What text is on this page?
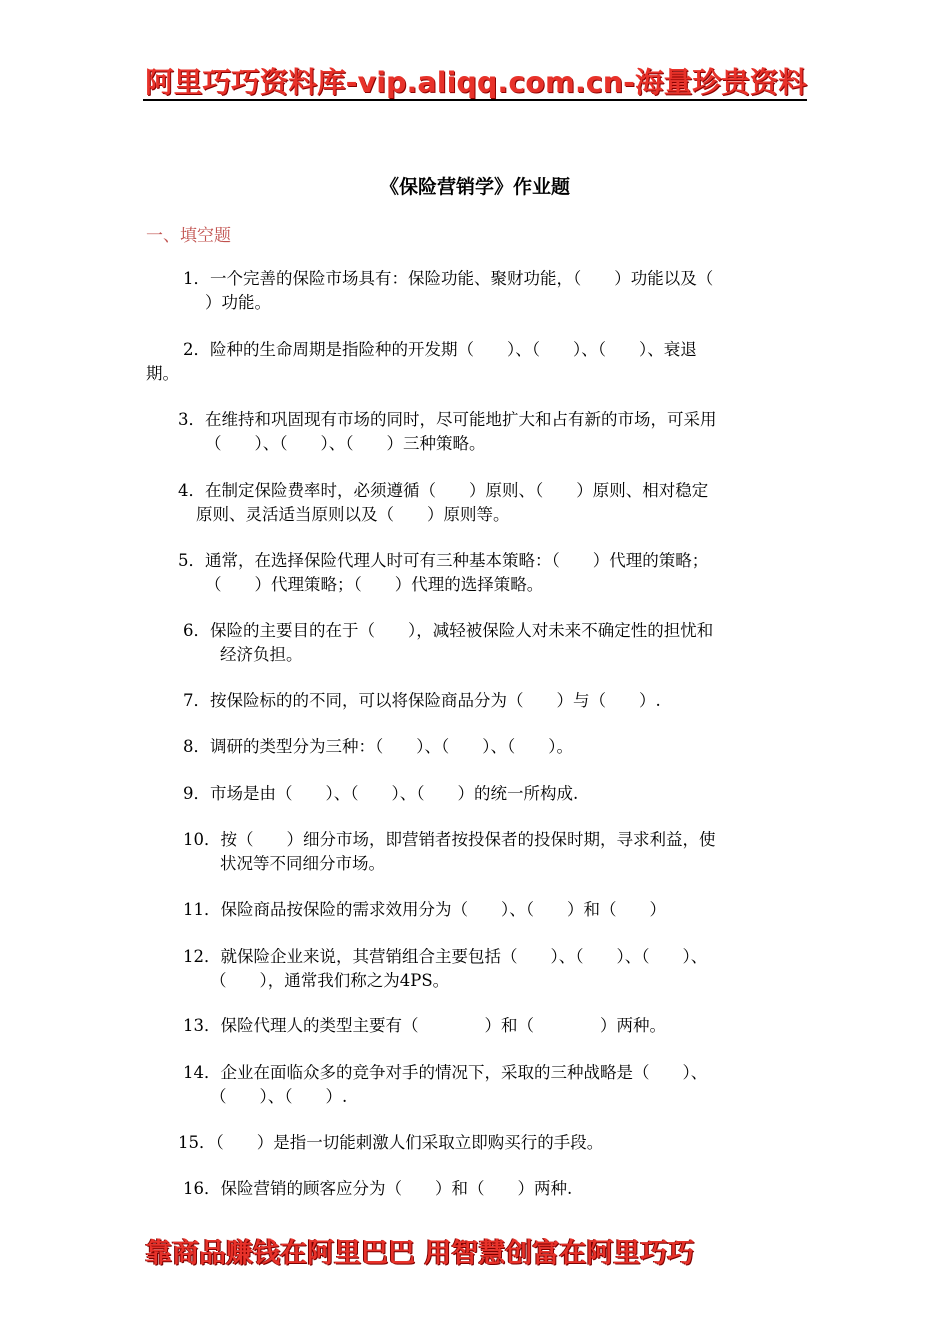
阿里巧巧资料库-vip.aliqq.com.cn-海量珍贵资料
《保险营销学》作业题
一、填空题
1．一个完善的保险市场具有：保险功能、聚财功能，（　　）功能以及（
）功能。
2．险种的生命周期是指险种的开发期（　　）、（　　）、（　　）、衰退
期。
3．在维持和巩固现有市场的同时，尽可能地扩大和占有新的市场，可采用
（　　）、（　　）、（　　）三种策略。
4．在制定保险费率时，必须遵循（　　）原则、（　　）原则、相对稳定
原则、灵活适当原则以及（　　）原则等。
5．通常，在选择保险代理人时可有三种基本策略：（　　）代理的策略；
（　　）代理策略；（　　）代理的选择策略。
6．保险的主要目的在于（　　），减轻被保险人对未来不确定性的担忧和
经济负担。
7．按保险标的的不同，可以将保险商品分为（　　）与（　　）.
8．调研的类型分为三种：（　　）、（　　）、（　　）。
9．市场是由（　　）、（　　）、（　　）的统一所构成.
10．按（　　）细分市场，即营销者按投保者的投保时期，寻求利益，使
状况等不同细分市场。
11．保险商品按保险的需求效用分为（　　）、（　　）和（　　）
12．就保险企业来说，其营销组合主要包括（　　）、（　　）、（　　）、
（　　），通常我们称之为4PS。
13．保险代理人的类型主要有（　　　　）和（　　　　）两种。
14．企业在面临众多的竞争对手的情况下，采取的三种战略是（　　）、
（　　）、（　　）.
15．（　　）是指一切能刺激人们采取立即购买行的手段。
16．保险营销的顾客应分为（　　）和（　　）两种.
靠商品赚钱在阿里巴巴 用智慧创富在阿里巧巧
